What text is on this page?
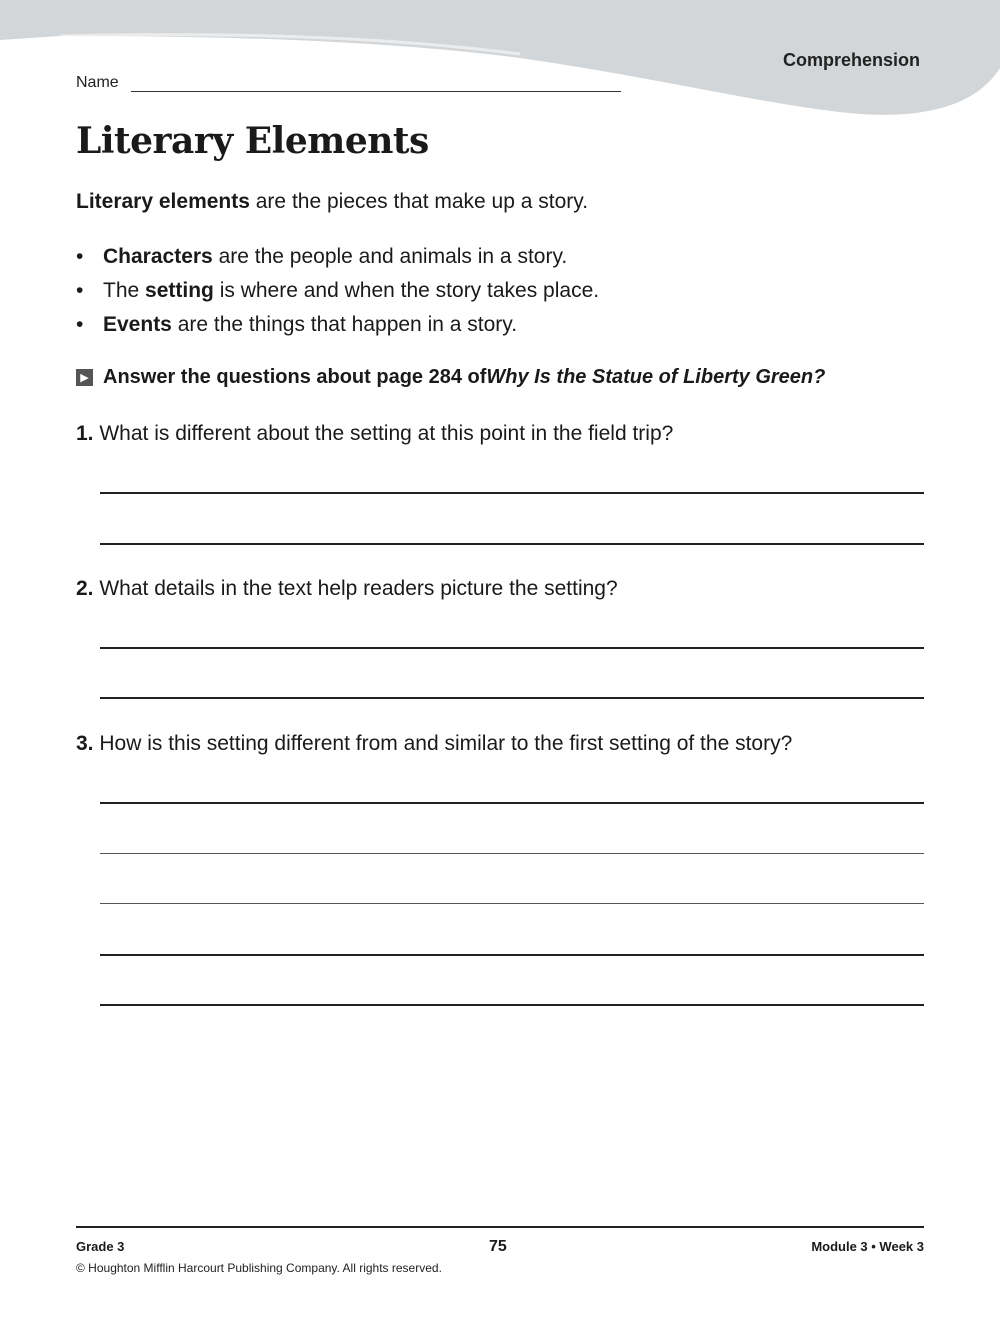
Comprehension
Name
Literary Elements
Literary elements are the pieces that make up a story.
• Characters are the people and animals in a story.
• The setting is where and when the story takes place.
• Events are the things that happen in a story.
▶ Answer the questions about page 284 of Why Is the Statue of Liberty Green?
1. What is different about the setting at this point in the field trip?
2. What details in the text help readers picture the setting?
3. How is this setting different from and similar to the first setting of the story?
Grade 3	75	Module 3 • Week 3
© Houghton Mifflin Harcourt Publishing Company. All rights reserved.
